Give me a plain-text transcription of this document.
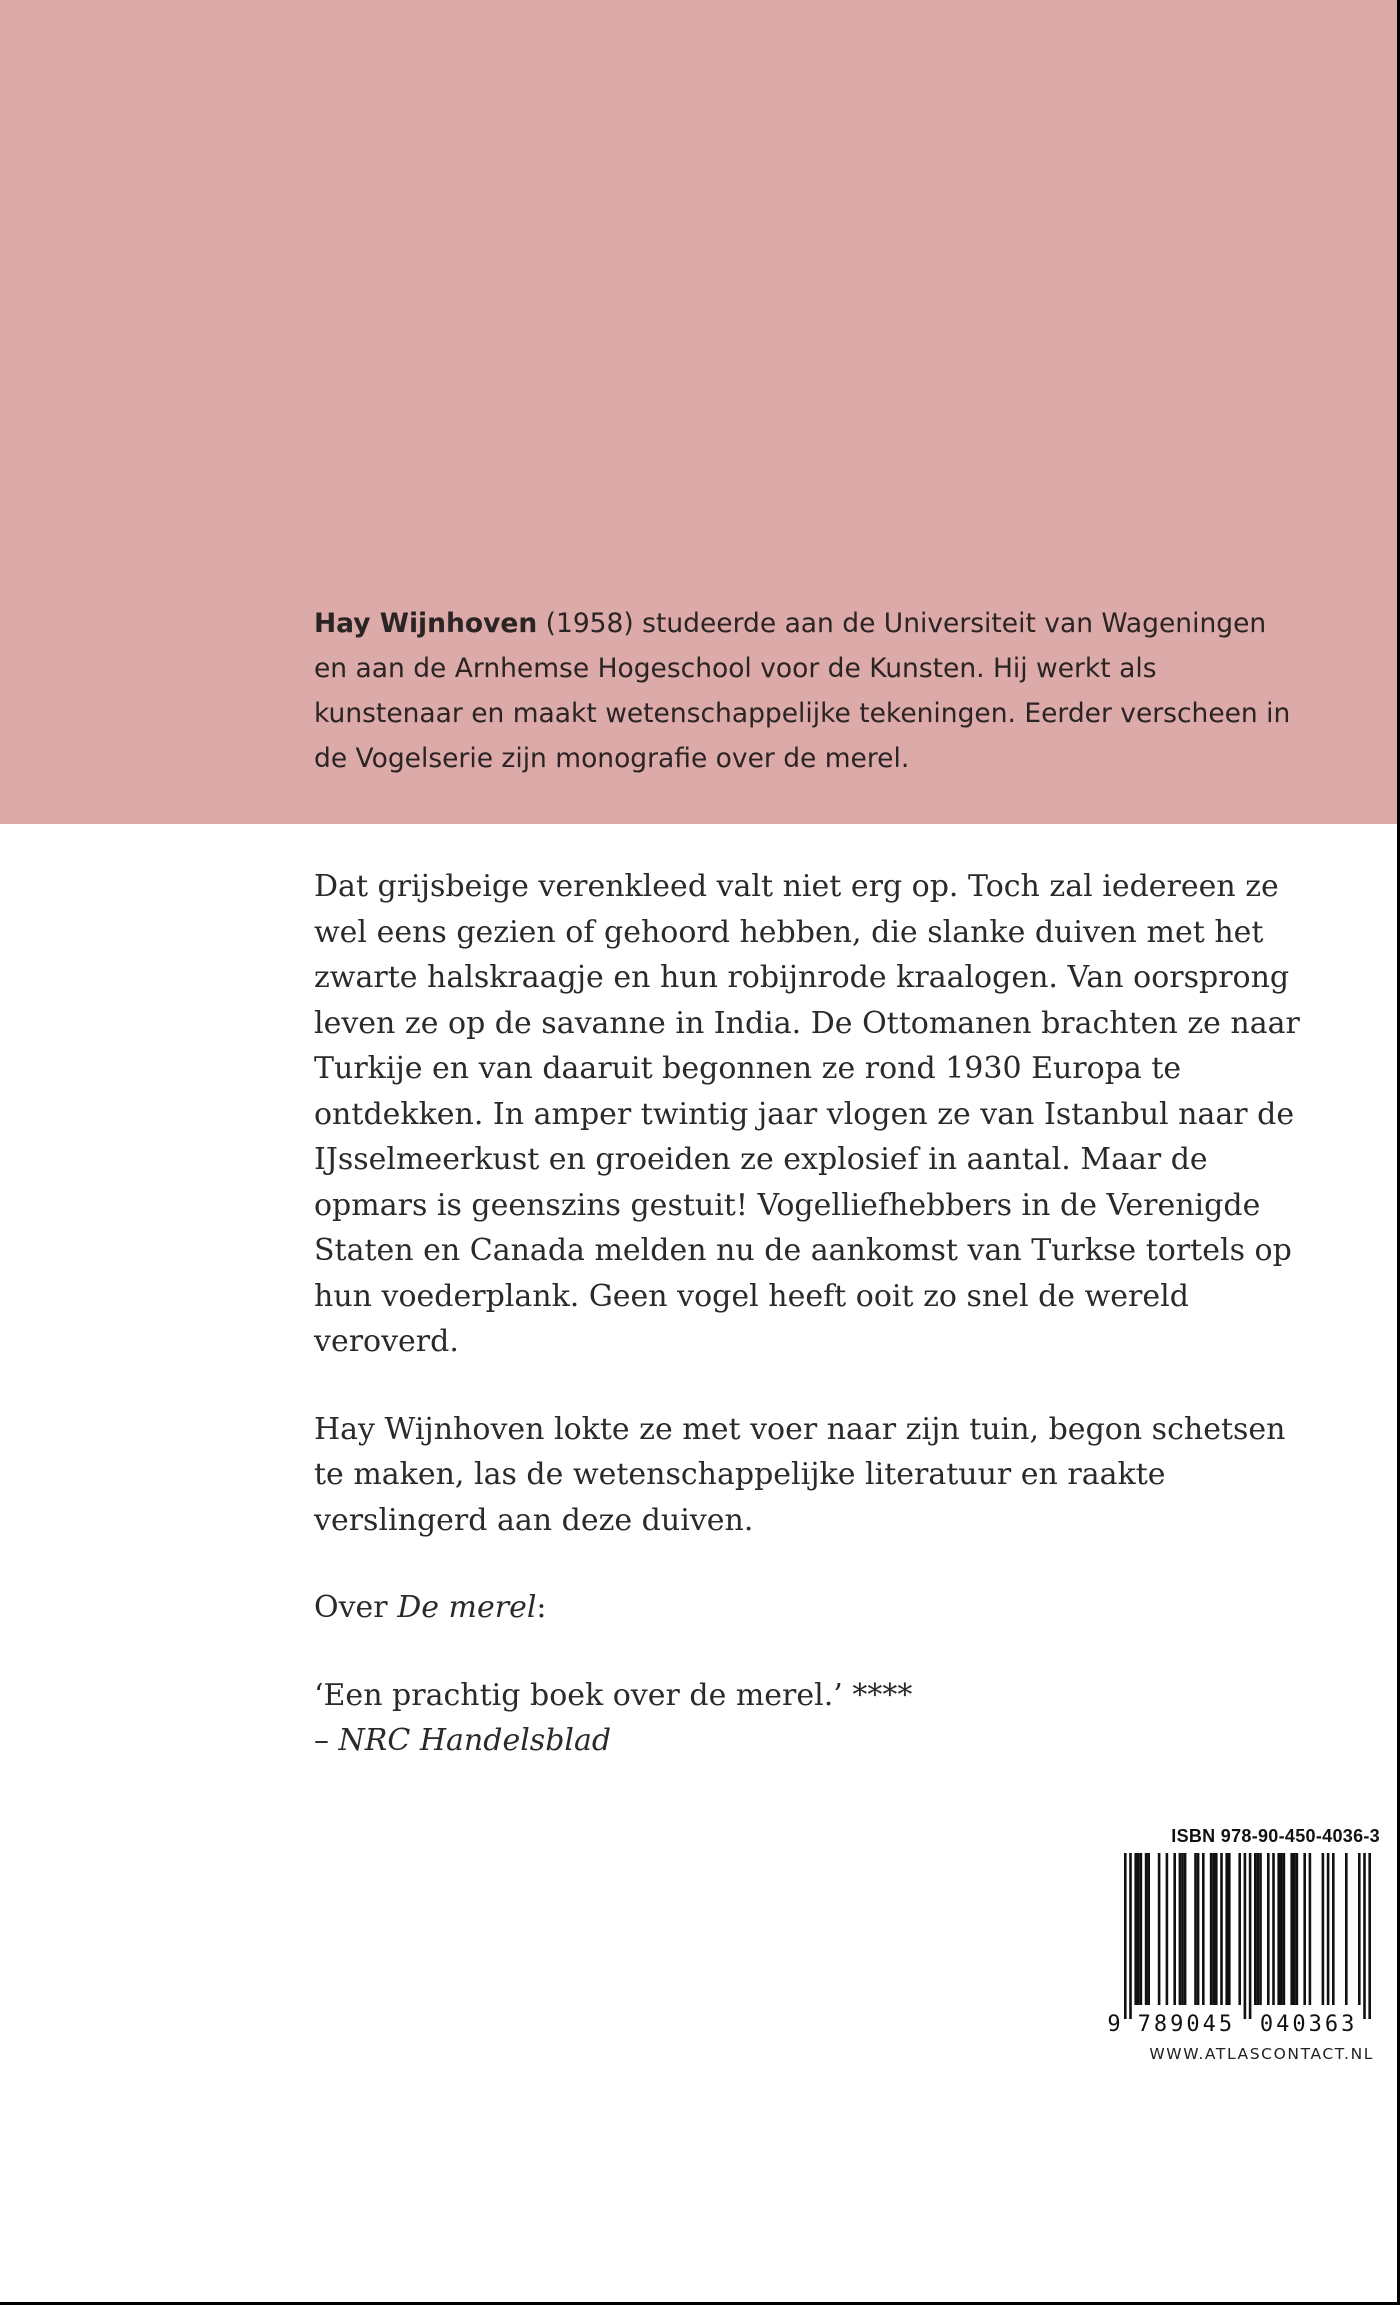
Hay Wijnhoven (1958) studeerde aan de Universiteit van Wageningen en aan de Arnhemse Hogeschool voor de Kunsten. Hij werkt als kunstenaar en maakt wetenschappelijke tekeningen. Eerder verscheen in de Vogelserie zijn monografie over de merel.

Dat grijsbeige verenkleed valt niet erg op. Toch zal iedereen ze wel eens gezien of gehoord hebben, die slanke duiven met het zwarte halskraagje en hun robijnrode kraalogen. Van oorsprong leven ze op de savanne in India. De Ottomanen brachten ze naar Turkije en van daaruit begonnen ze rond 1930 Europa te ontdekken. In amper twintig jaar vlogen ze van Istanbul naar de IJsselmeerkust en groeiden ze explosief in aantal. Maar de opmars is geenszins gestuit! Vogelliefhebbers in de Verenigde Staten en Canada melden nu de aankomst van Turkse tortels op hun voederplank. Geen vogel heeft ooit zo snel de wereld veroverd.

Hay Wijnhoven lokte ze met voer naar zijn tuin, begon schetsen te maken, las de wetenschappelijke literatuur en raakte verslingerd aan deze duiven.

Over De merel:

‘Een prachtig boek over de merel.’ ****
– NRC Handelsblad
ISBN 978-90-450-4036-3
9 789045 040363
WWW.ATLASCONTACT.NL
